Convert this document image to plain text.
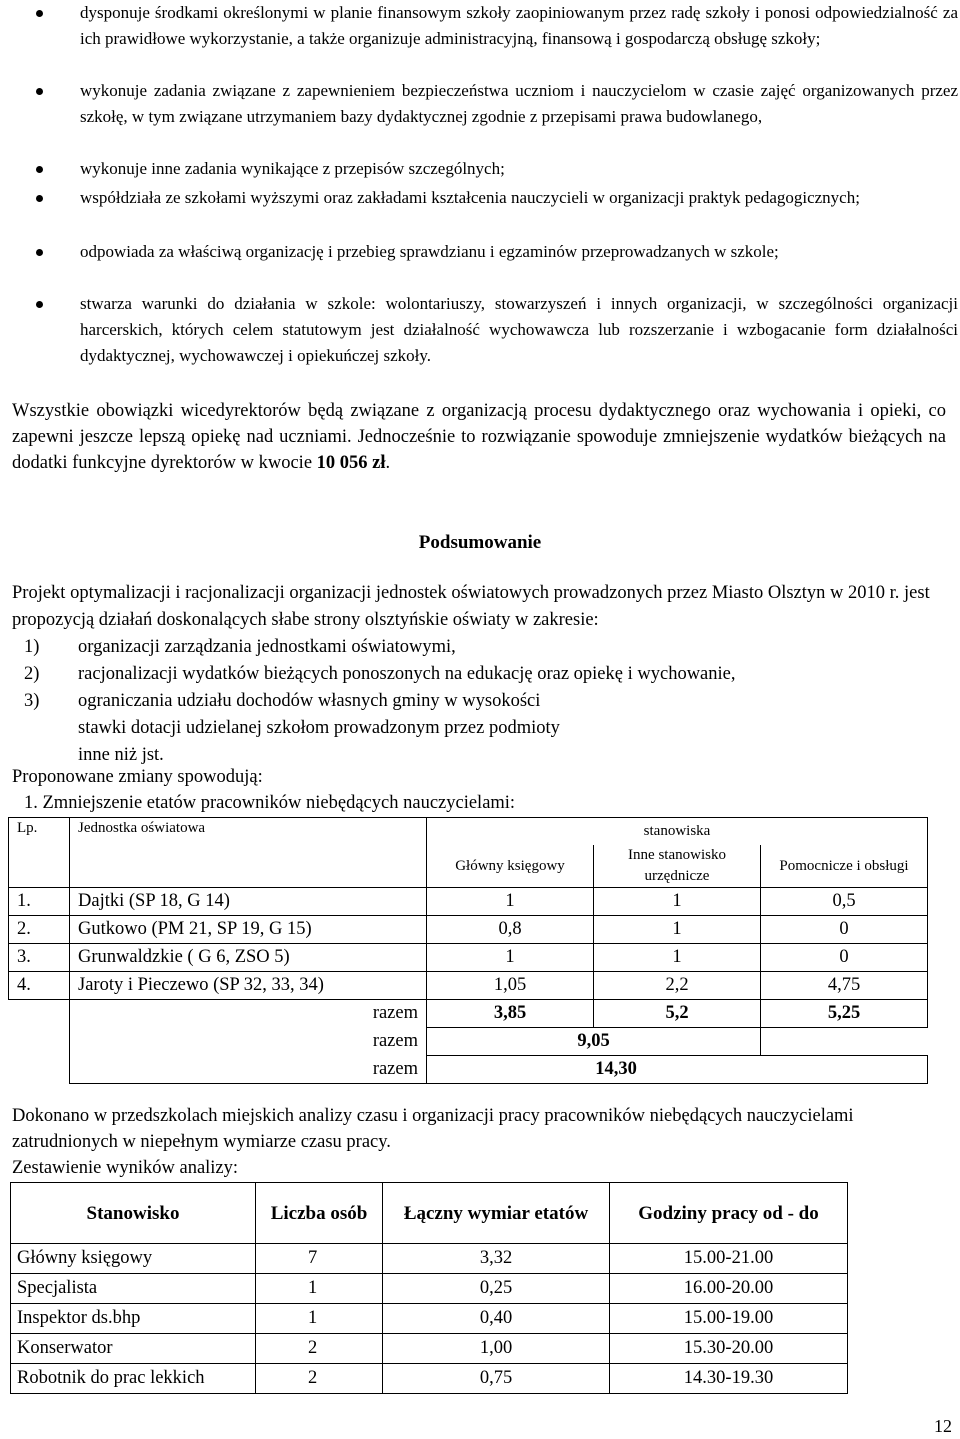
dysponuje środkami określonymi w planie finansowym szkoły zaopiniowanym przez radę szkoły i ponosi odpowiedzialność za ich prawidłowe wykorzystanie, a także organizuje administracyjną, finansową i gospodarczą obsługę szkoły;
wykonuje zadania związane z zapewnieniem bezpieczeństwa uczniom i nauczycielom w czasie zajęć organizowanych przez szkołę, w tym związane utrzymaniem bazy dydaktycznej zgodnie z przepisami prawa budowlanego,
wykonuje inne zadania wynikające z przepisów szczególnych;
współdziała ze szkołami wyższymi oraz zakładami kształcenia nauczycieli w organizacji praktyk pedagogicznych;
odpowiada za właściwą organizację i przebieg sprawdzianu i egzaminów przeprowadzanych w szkole;
stwarza warunki do działania w szkole: wolontariuszy, stowarzyszeń i innych organizacji, w szczególności organizacji harcerskich, których celem statutowym jest działalność wychowawcza lub rozszerzanie i wzbogacanie form działalności dydaktycznej, wychowawczej i opiekuńczej szkoły.
Wszystkie obowiązki wicedyrektorów będą związane z organizacją procesu dydaktycznego oraz wychowania i opieki, co zapewni jeszcze lepszą opiekę nad uczniami. Jednocześnie to rozwiązanie spowoduje zmniejszenie wydatków bieżących na dodatki funkcyjne dyrektorów w kwocie 10 056 zł.
Podsumowanie
Projekt optymalizacji i racjonalizacji organizacji jednostek oświatowych prowadzonych przez Miasto Olsztyn w 2010 r. jest propozycją działań doskonalących słabe strony olsztyńskie oświaty w zakresie:
1) organizacji zarządzania jednostkami oświatowymi,
2) racjonalizacji wydatków bieżących ponoszonych na edukację oraz opiekę i wychowanie,
3) ograniczania udziału dochodów własnych gminy w wysokości stawki dotacji udzielanej szkołom prowadzonym przez podmioty inne niż jst.
Proponowane zmiany spowodują:
1. Zmniejszenie etatów pracowników niebędących nauczycielami:
Lp.	Jednostka oświatowa	stanowiska		
		Główny księgowy	Inne stanowisko urzędnicze	Pomocnicze i obsługi
1.	Dajtki (SP 18, G 14)	1	1	0,5
2.	Gutkowo (PM 21, SP 19, G 15)	0,8	1	0
3.	Grunwaldzkie ( G 6, ZSO 5)	1	1	0
4.	Jaroty i Pieczewo (SP 32, 33, 34)	1,05	2,2	4,75
	razem	3,85	5,2	5,25
	razem	9,05		
	razem	14,30		
Dokonano w przedszkolach miejskich analizy czasu i organizacji pracy pracowników niebędących nauczycielami zatrudnionych w niepełnym wymiarze czasu pracy.
Zestawienie wyników analizy:
Stanowisko	Liczba osób	Łączny wymiar etatów	Godziny pracy od - do
Główny księgowy	7	3,32	15.00-21.00
Specjalista	1	0,25	16.00-20.00
Inspektor ds.bhp	1	0,40	15.00-19.00
Konserwator	2	1,00	15.30-20.00
Robotnik do prac lekkich	2	0,75	14.30-19.30
12
